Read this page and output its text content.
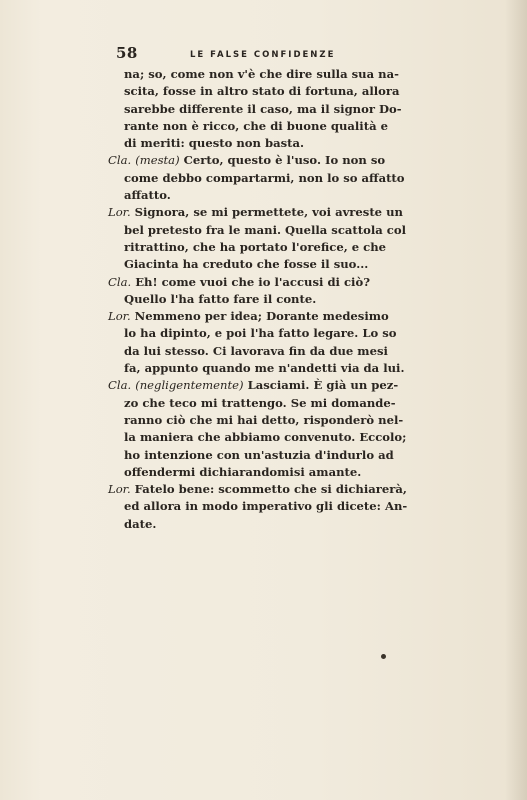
58	LE FALSE CONFIDENZE
na; so, come non v'è che dire sulla sua na-
scita, fosse in altro stato di fortuna, allora
sarebbe differente il caso, ma il signor Do-
rante non è ricco, che di buone qualità e
di meriti: questo non basta.
Cla. (mesta) Certo, questo è l'uso. Io non so
come debbo compartarmi, non lo so affatto
affatto.
Lor. Signora, se mi permettete, voi avreste un
bel pretesto fra le mani. Quella scattola col
ritrattino, che ha portato l'orefice, e che
Giacinta ha creduto che fosse il suo...
Cla. Eh! come vuoi che io l'accusi di ciò?
Quello l'ha fatto fare il conte.
Lor. Nemmeno per idea; Dorante medesimo
lo ha dipinto, e poi l'ha fatto legare. Lo so
da lui stesso. Ci lavorava fin da due mesi
fa, appunto quando me n'andetti via da lui.
Cla. (negligentemente) Lasciami. È già un pez-
zo che teco mi trattengo. Se mi domande-
ranno ciò che mi hai detto, risponderò nel-
la maniera che abbiamo convenuto. Eccolo;
ho intenzione con un'astuzia d'indurlo ad
offendermi dichiarandomisi amante.
Lor. Fatelo bene: scommetto che si dichiarerà,
ed allora in modo imperativo gli dicete: An-
date.
